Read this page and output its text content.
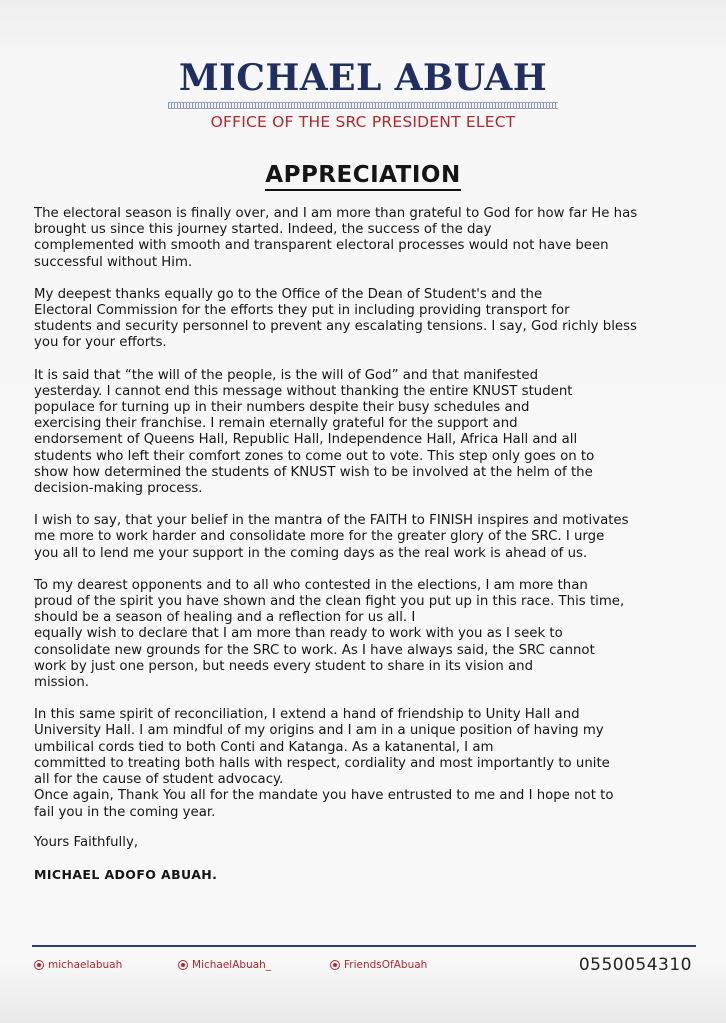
MICHAEL ABUAH
OFFICE OF THE SRC PRESIDENT ELECT
APPRECIATION

The electoral season is finally over, and I am more than grateful to God for how far He has
brought us since this journey started. Indeed, the success of the day
complemented with smooth and transparent electoral processes would not have been
successful without Him.

My deepest thanks equally go to the Office of the Dean of Student's and the
Electoral Commission for the efforts they put in including providing transport for
students and security personnel to prevent any escalating tensions. I say, God richly bless
you for your efforts.

It is said that “the will of the people, is the will of God” and that manifested
yesterday. I cannot end this message without thanking the entire KNUST student
populace for turning up in their numbers despite their busy schedules and
exercising their franchise. I remain eternally grateful for the support and
endorsement of Queens Hall, Republic Hall, Independence Hall, Africa Hall and all
students who left their comfort zones to come out to vote. This step only goes on to
show how determined the students of KNUST wish to be involved at the helm of the
decision-making process.

I wish to say, that your belief in the mantra of the FAITH to FINISH inspires and motivates
me more to work harder and consolidate more for the greater glory of the SRC. I urge
you all to lend me your support in the coming days as the real work is ahead of us.

To my dearest opponents and to all who contested in the elections, I am more than
proud of the spirit you have shown and the clean fight you put up in this race. This time,
should be a season of healing and a reflection for us all. I
equally wish to declare that I am more than ready to work with you as I seek to
consolidate new grounds for the SRC to work. As I have always said, the SRC cannot
work by just one person, but needs every student to share in its vision and
mission.

In this same spirit of reconciliation, I extend a hand of friendship to Unity Hall and
University Hall. I am mindful of my origins and I am in a unique position of having my
umbilical cords tied to both Conti and Katanga. As a katanental, I am
committed to treating both halls with respect, cordiality and most importantly to unite
all for the cause of student advocacy.
Once again, Thank You all for the mandate you have entrusted to me and I hope not to
fail you in the coming year.

Yours Faithfully,

MICHAEL ADOFO ABUAH.

michaelabuah	MichaelAbuah_	FriendsOfAbuah	0550054310
